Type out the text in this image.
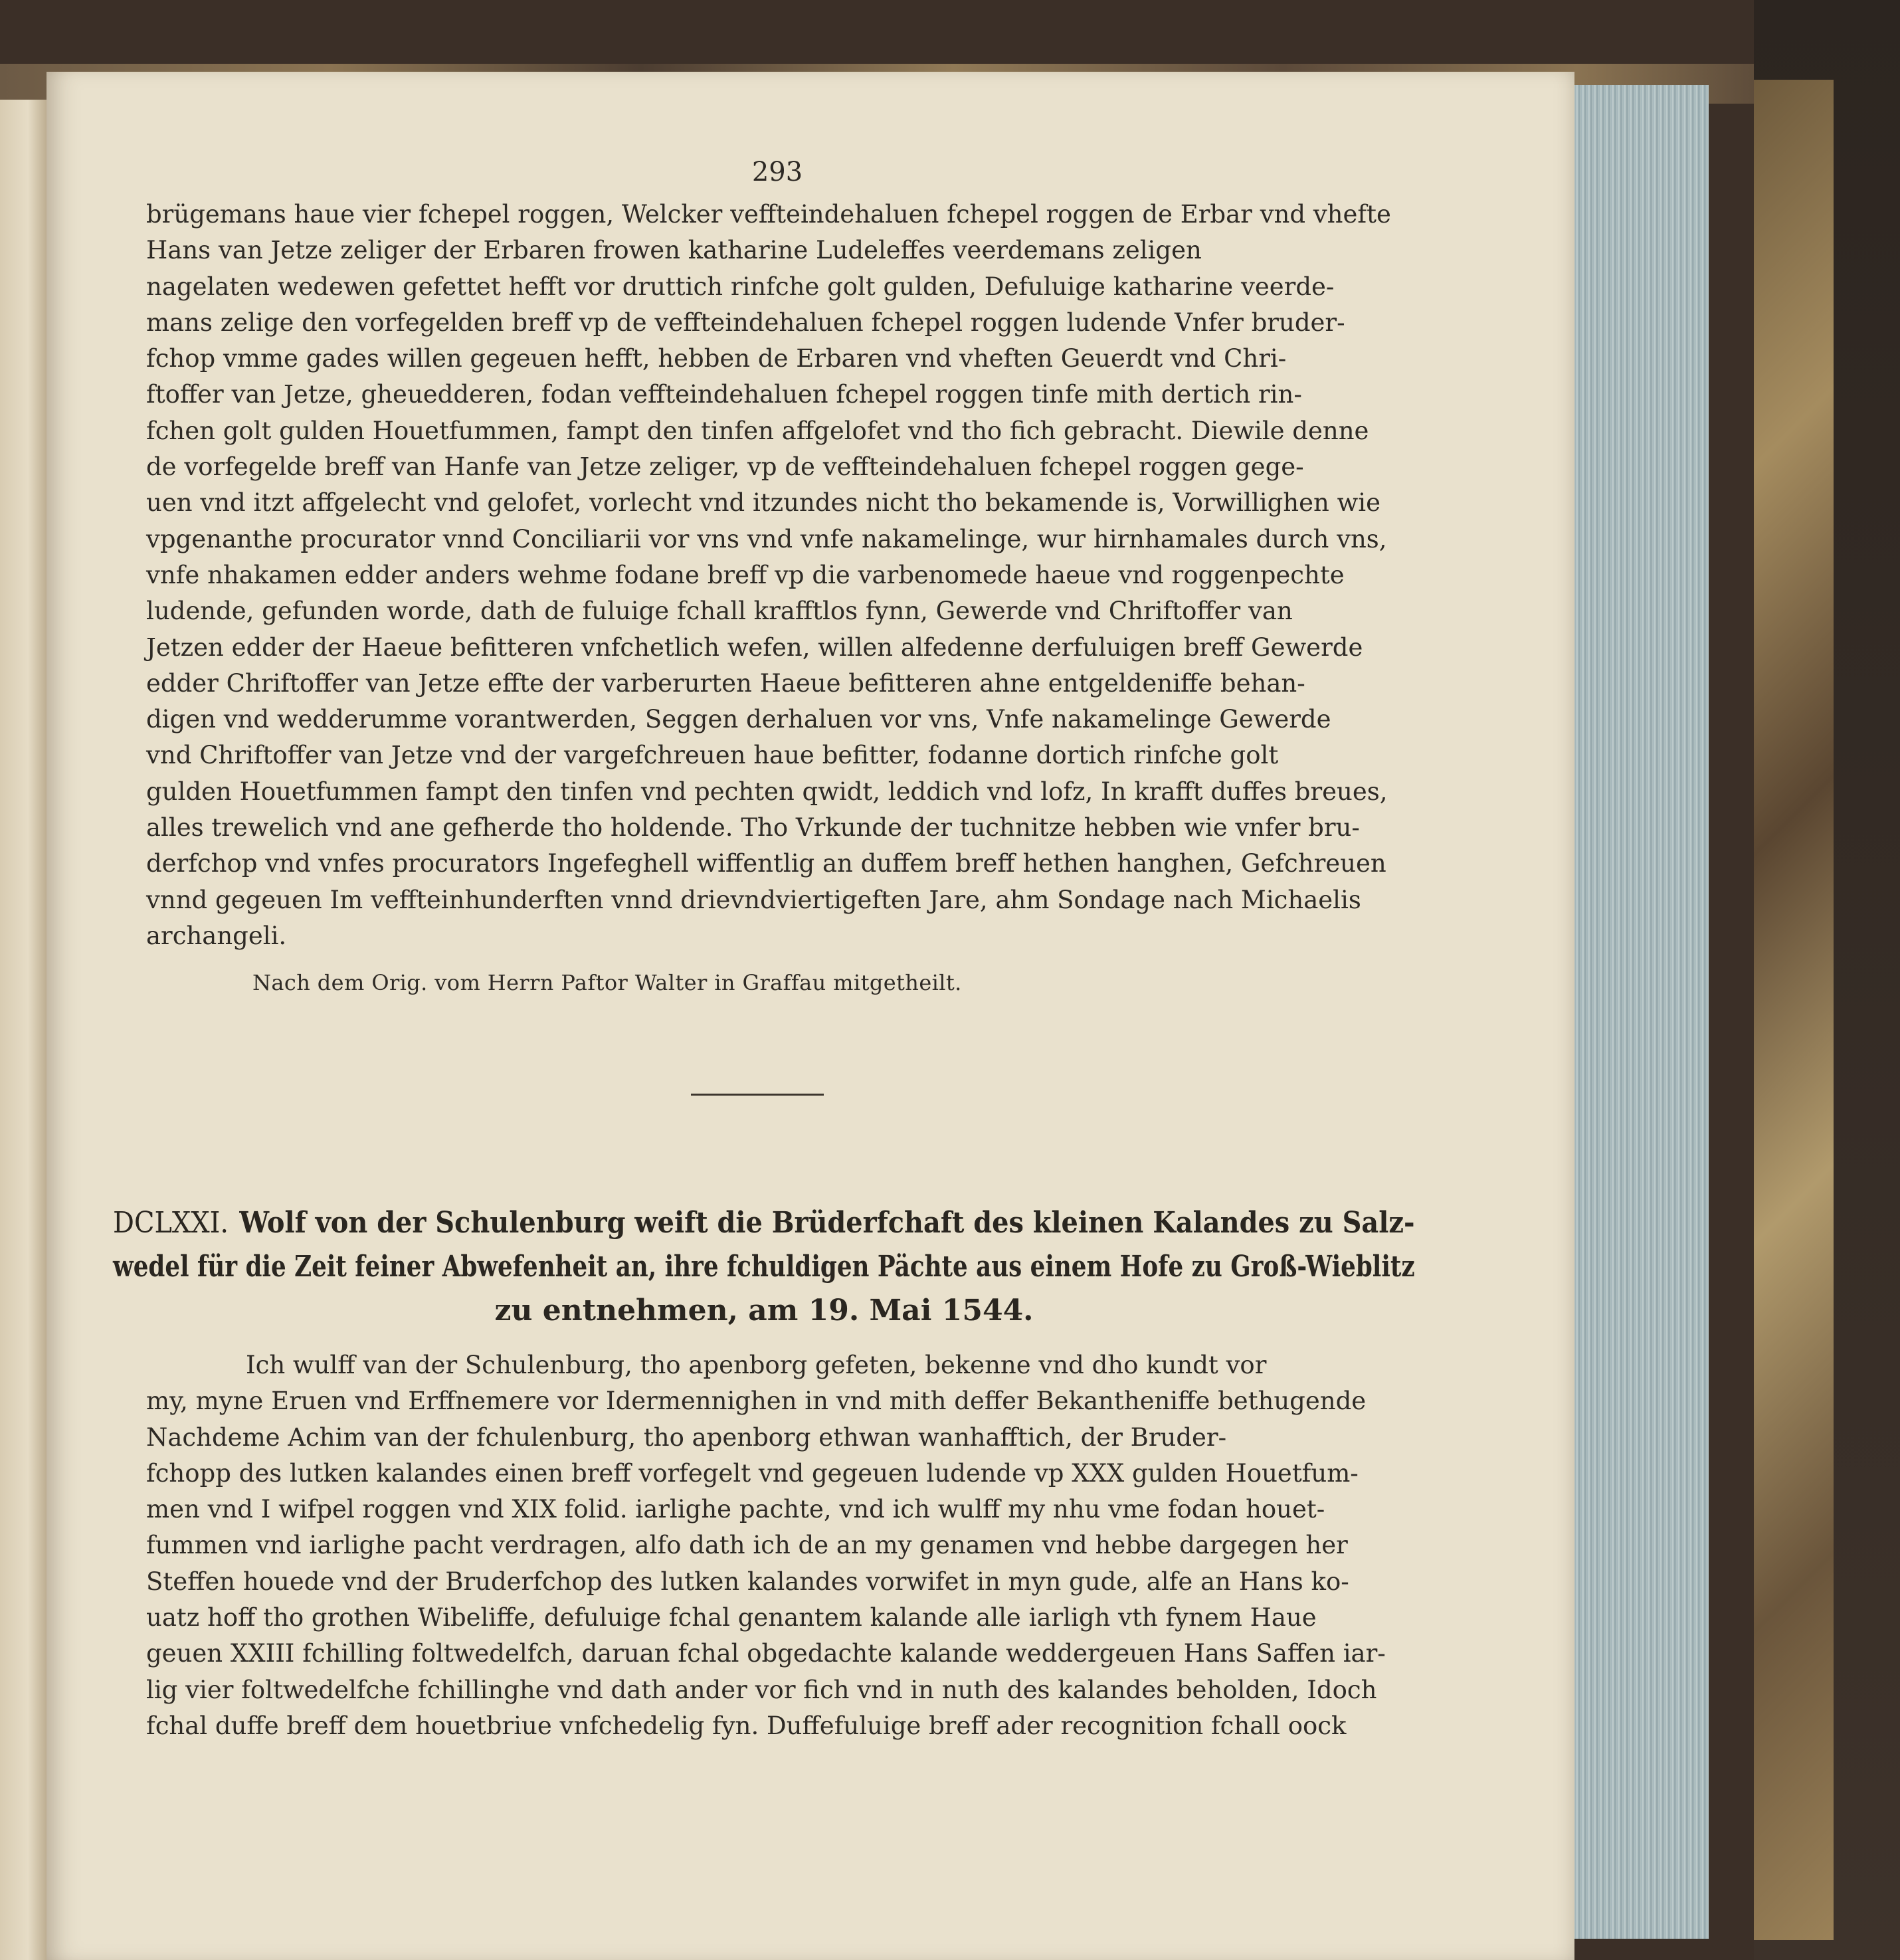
293
brügemans haue vier fchepel roggen, Welcker veffteindehaluen fchepel roggen de Erbar vnd vhefte
Hans van Jetze zeliger der Erbaren frowen katharine Ludeleffes veerdemans zeligen
nagelaten wedewen gefettet hefft vor druttich rinfche golt gulden, Defuluige katharine veerde-
mans zelige den vorfegelden breff vp de veffteindehaluen fchepel roggen ludende Vnfer bruder-
fchop vmme gades willen gegeuen hefft, hebben de Erbaren vnd vheften Geuerdt vnd Chri-
ftoffer van Jetze, gheuedderen, fodan veffteindehaluen fchepel roggen tinfe mith dertich rin-
fchen golt gulden Houetfummen, fampt den tinfen affgelofet vnd tho fich gebracht. Diewile denne
de vorfegelde breff van Hanfe van Jetze zeliger, vp de veffteindehaluen fchepel roggen gege-
uen vnd itzt affgelecht vnd gelofet, vorlecht vnd itzundes nicht tho bekamende is, Vorwillighen wie
vpgenanthe procurator vnnd Conciliarii vor vns vnd vnfe nakamelinge, wur hirnhamales durch vns,
vnfe nhakamen edder anders wehme fodane breff vp die varbenomede haeue vnd roggenpechte
ludende, gefunden worde, dath de fuluige fchall krafftlos fynn, Gewerde vnd Chriftoffer van
Jetzen edder der Haeue befitteren vnfchetlich wefen, willen alfedenne derfuluigen breff Gewerde
edder Chriftoffer van Jetze effte der varberurten Haeue befitteren ahne entgeldeniffe behan-
digen vnd wedderumme vorantwerden, Seggen derhaluen vor vns, Vnfe nakamelinge Gewerde
vnd Chriftoffer van Jetze vnd der vargefchreuen haue befitter, fodanne dortich rinfche golt
gulden Houetfummen fampt den tinfen vnd pechten qwidt, leddich vnd lofz, In krafft duffes breues,
alles trewelich vnd ane gefherde tho holdende. Tho Vrkunde der tuchnitze hebben wie vnfer bru-
derfchop vnd vnfes procurators Ingefeghell wiffentlig an duffem breff hethen hanghen, Gefchreuen
vnnd gegeuen Im veffteinhunderften vnnd drievndviertigeften Jare, ahm Sondage nach Michaelis
archangeli.
Nach dem Orig. vom Herrn Paftor Walter in Graffau mitgetheilt.
DCLXXI. Wolf von der Schulenburg weift die Brüderfchaft des kleinen Kalandes zu Salz-
wedel für die Zeit feiner Abwefenheit an, ihre fchuldigen Pächte aus einem Hofe zu Groß-Wieblitz
zu entnehmen, am 19. Mai 1544.
Ich wulff van der Schulenburg, tho apenborg gefeten, bekenne vnd dho kundt vor
my, myne Eruen vnd Erffnemere vor Idermennighen in vnd mith deffer Bekantheniffe bethugende
Nachdeme Achim van der fchulenburg, tho apenborg ethwan wanhafftich, der Bruder-
fchopp des lutken kalandes einen breff vorfegelt vnd gegeuen ludende vp XXX gulden Houetfum-
men vnd I wifpel roggen vnd XIX folid. iarlighe pachte, vnd ich wulff my nhu vme fodan houet-
fummen vnd iarlighe pacht verdragen, alfo dath ich de an my genamen vnd hebbe dargegen her
Steffen houede vnd der Bruderfchop des lutken kalandes vorwifet in myn gude, alfe an Hans ko-
uatz hoff tho grothen Wibeliffe, defuluige fchal genantem kalande alle iarligh vth fynem Haue
geuen XXIII fchilling foltwedelfch, daruan fchal obgedachte kalande weddergeuen Hans Saffen iar-
lig vier foltwedelfche fchillinghe vnd dath ander vor fich vnd in nuth des kalandes beholden, Idoch
fchal duffe breff dem houetbriue vnfchedelig fyn. Duffefuluige breff ader recognition fchall oock
